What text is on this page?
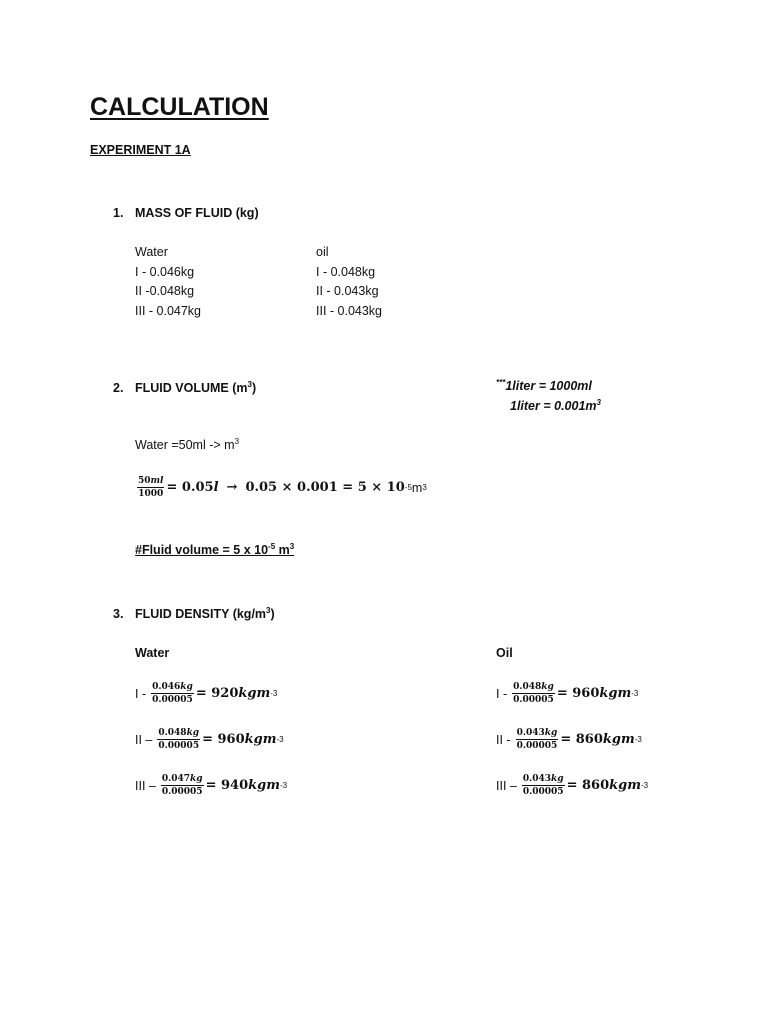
CALCULATION
EXPERIMENT 1A
1. MASS OF FLUID (kg)
Water
I - 0.046kg
II -0.048kg
III - 0.047kg
oil
I - 0.048kg
II - 0.043kg
III - 0.043kg
2. FLUID VOLUME $(m^3)$	***1liter = 1000ml
1liter = $0.001m^3$
Water $=50ml -> m^3$
$\frac{50ml}{1000} = 0.05$ l → 0.05 × 0.001 = 5 × 10 -5 m 3
#Fluid volume = 5 x $10^{-5}$ $m^3$
3. FLUID DENSITY $(kg/m^3)$
Water	Oil
$I - \frac{0.046kg}{0.00005} = 920$ kgm -3
II – $\frac{0.048kg}{0.00005} = 960$ kgm -3
III – $\frac{0.047kg}{0.00005} = 940$ kgm -3
$I - \frac{0.048kg}{0.00005} = 960$ kgm -3
II - $\frac{0.043kg}{0.00005} = 860$ kgm -3
III – $\frac{0.043kg}{0.00005} = 860$ kgm -3
